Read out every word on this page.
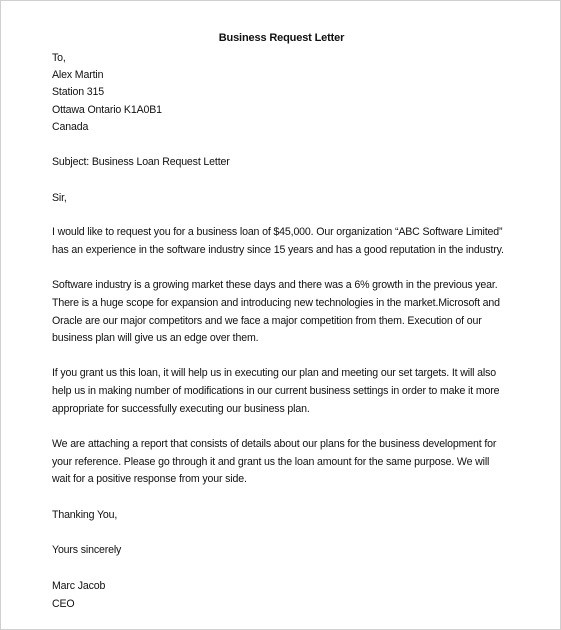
Business Request Letter
To,
Alex Martin
Station 315
Ottawa Ontario K1A0B1
Canada
Subject: Business Loan Request Letter
Sir,
I would like to request you for a business loan of $45,000. Our organization “ABC Software Limited”
has an experience in the software industry since 15 years and has a good reputation in the industry.
Software industry is a growing market these days and there was a 6% growth in the previous year.
There is a huge scope for expansion and introducing new technologies in the market.Microsoft and
Oracle are our major competitors and we face a major competition from them. Execution of our
business plan will give us an edge over them.
If you grant us this loan, it will help us in executing our plan and meeting our set targets. It will also
help us in making number of modifications in our current business settings in order to make it more
appropriate for successfully executing our business plan.
We are attaching a report that consists of details about our plans for the business development for
your reference. Please go through it and grant us the loan amount for the same purpose. We will
wait for a positive response from your side.
Thanking You,
Yours sincerely
Marc Jacob
CEO
